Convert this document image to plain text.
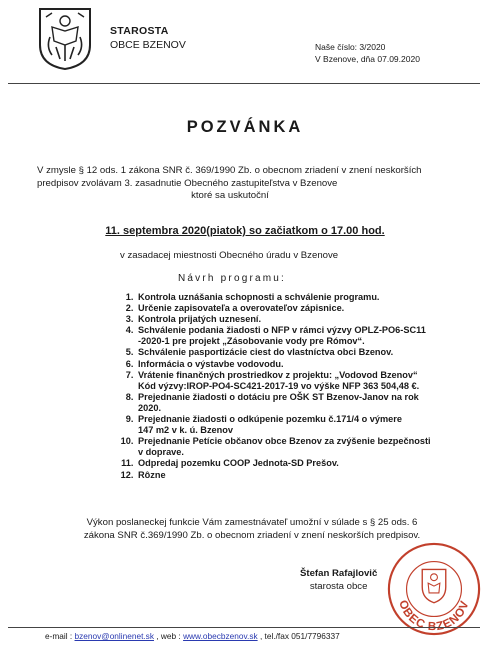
STAROSTA
OBCE BZENOV	Naše číslo: 3/2020
V Bzenove, dňa 07.09.2020
POZVÁNKA
V zmysle § 12 ods. 1 zákona SNR č. 369/1990 Zb. o obecnom zriadení v znení neskorších
predpisov zvolávam 3. zasadnutie Obecného zastupiteľstva v Bzenove
ktoré sa uskutoční
11. septembra 2020(piatok) so začiatkom o 17.00 hod.
v zasadacej miestnosti Obecného úradu v Bzenove
Návrh programu:
1. Kontrola uznášania schopnosti a schválenie programu.
2. Určenie zapisovateľa a overovateľov zápisnice.
3. Kontrola prijatých uznesení.
4. Schválenie podania žiadosti o NFP v rámci výzvy OPLZ-PO6-SC11
-2020-1 pre projekt „Zásobovanie vody pre Rómov“.
5. Schválenie pasportizácie ciest do vlastníctva obci Bzenov.
6. Informácia o výstavbe vodovodu.
7. Vrátenie finančných prostriedkov z projektu: „Vodovod Bzenov“
Kód výzvy:IROP-PO4-SC421-2017-19 vo výške NFP 363 504,48 €.
8. Prejednanie žiadosti o dotáciu pre OŠK ST Bzenov-Janov na rok
2020.
9. Prejednanie žiadosti o odkúpenie pozemku č.171/4 o výmere
147 m2 v k. ú. Bzenov
10. Prejednanie Petície občanov obce Bzenov za zvýšenie bezpečnosti
v doprave.
11. Odpredaj pozemku COOP Jednota-SD Prešov.
12. Rôzne
Výkon poslaneckej funkcie Vám zamestnávateľ umožní v súlade s § 25 ods. 6
zákona SNR č.369/1990 Zb. o obecnom zriadení v znení neskorších predpisov.
OBEC BZENOV
Štefan Rafajlovič
starosta obce
e-mail : bzenov@onlinenet.sk , web : www.obecbzenov.sk , tel./fax 051/7796337
